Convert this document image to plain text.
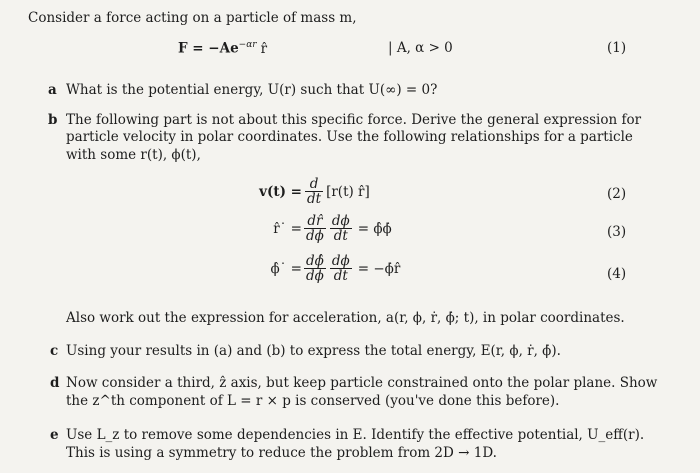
Consider a force acting on a particle of mass m,
$F = -Ae^{-\alpha r}$ r̂	| A, α > 0	(1)
a What is the potential energy, U(r) such that U(∞) = 0?
b The following part is not about this specific force. Derive the general expression for
particle velocity in polar coordinates. Use the following relationships for a particle
with some r(t), ϕ(t),
$v(t) = \frac{d}{dt} [r(t)$ r̂]	(2)
r̂˙ = $\frac{dr̂}{d\phi} \frac{d\phi}{dt}$ = ϕ̂ϕ̇	(3)
ϕ̂˙ = $\frac{d\phî}{d\phi} \frac{d\phi}{dt}$ = −ϕ̇r̂	(4)
Also work out the expression for acceleration, a(r, ϕ, ṙ, ϕ̇; t), in polar coordinates.
c Using your results in (a) and (b) to express the total energy, E(r, ϕ, ṙ, ϕ̇).
d Now consider a third, ẑ axis, but keep particle constrained onto the polar plane. Show
the z^th component of L = r × p is conserved (you've done this before).
e Use L_z to remove some dependencies in E. Identify the effective potential, U_eff(r).
This is using a symmetry to reduce the problem from 2D → 1D.
